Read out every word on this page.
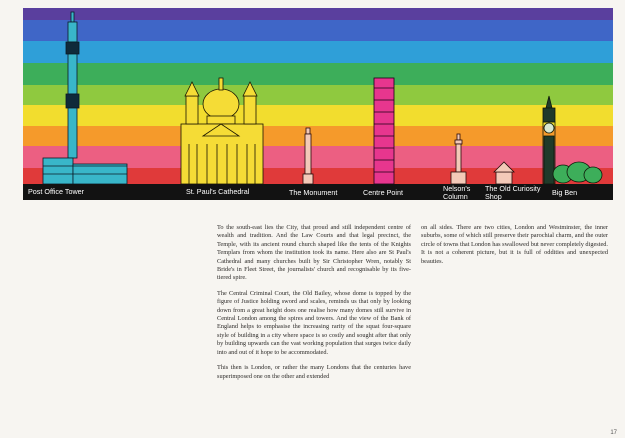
Post Office Tower	St. Paul's Cathedral	The Monument	Centre Point	Nelson's Column
The Old Curiosity Shop	Big Ben

To the south-east lies the City, that proud and still independent centre of wealth and tradition. And the Law Courts and that legal precinct, the Temple, with its ancient round church shaped like the tents of the Knights Templars from whom the institution took its name. Here also are St Paul's Cathedral and many churches built by Sir Christopher Wren, notably St Bride's in Fleet Street, the journalists' church and recognisable by its five-tiered spire.

The Central Criminal Court, the Old Bailey, whose dome is topped by the figure of Justice holding sword and scales, reminds us that only by looking down from a great height does one realise how many domes still survive in Central London among the spires and towers. And the view of the Bank of England helps to emphasise the increasing rarity of the squat four-square style of building in a city where space is so costly and sought after that only by building upwards can the vast working population that surges twice daily into and out of it hope to be accommodated.

This then is London, or rather the many Londons that the centuries have superimposed one on the other and extended

on all sides. There are two cities, London and Westminster, the inner suburbs, some of which still preserve their parochial charm, and the outer circle of towns that London has swallowed but never completely digested. It is not a coherent picture, but it is full of oddities and unexpected beauties.

17
